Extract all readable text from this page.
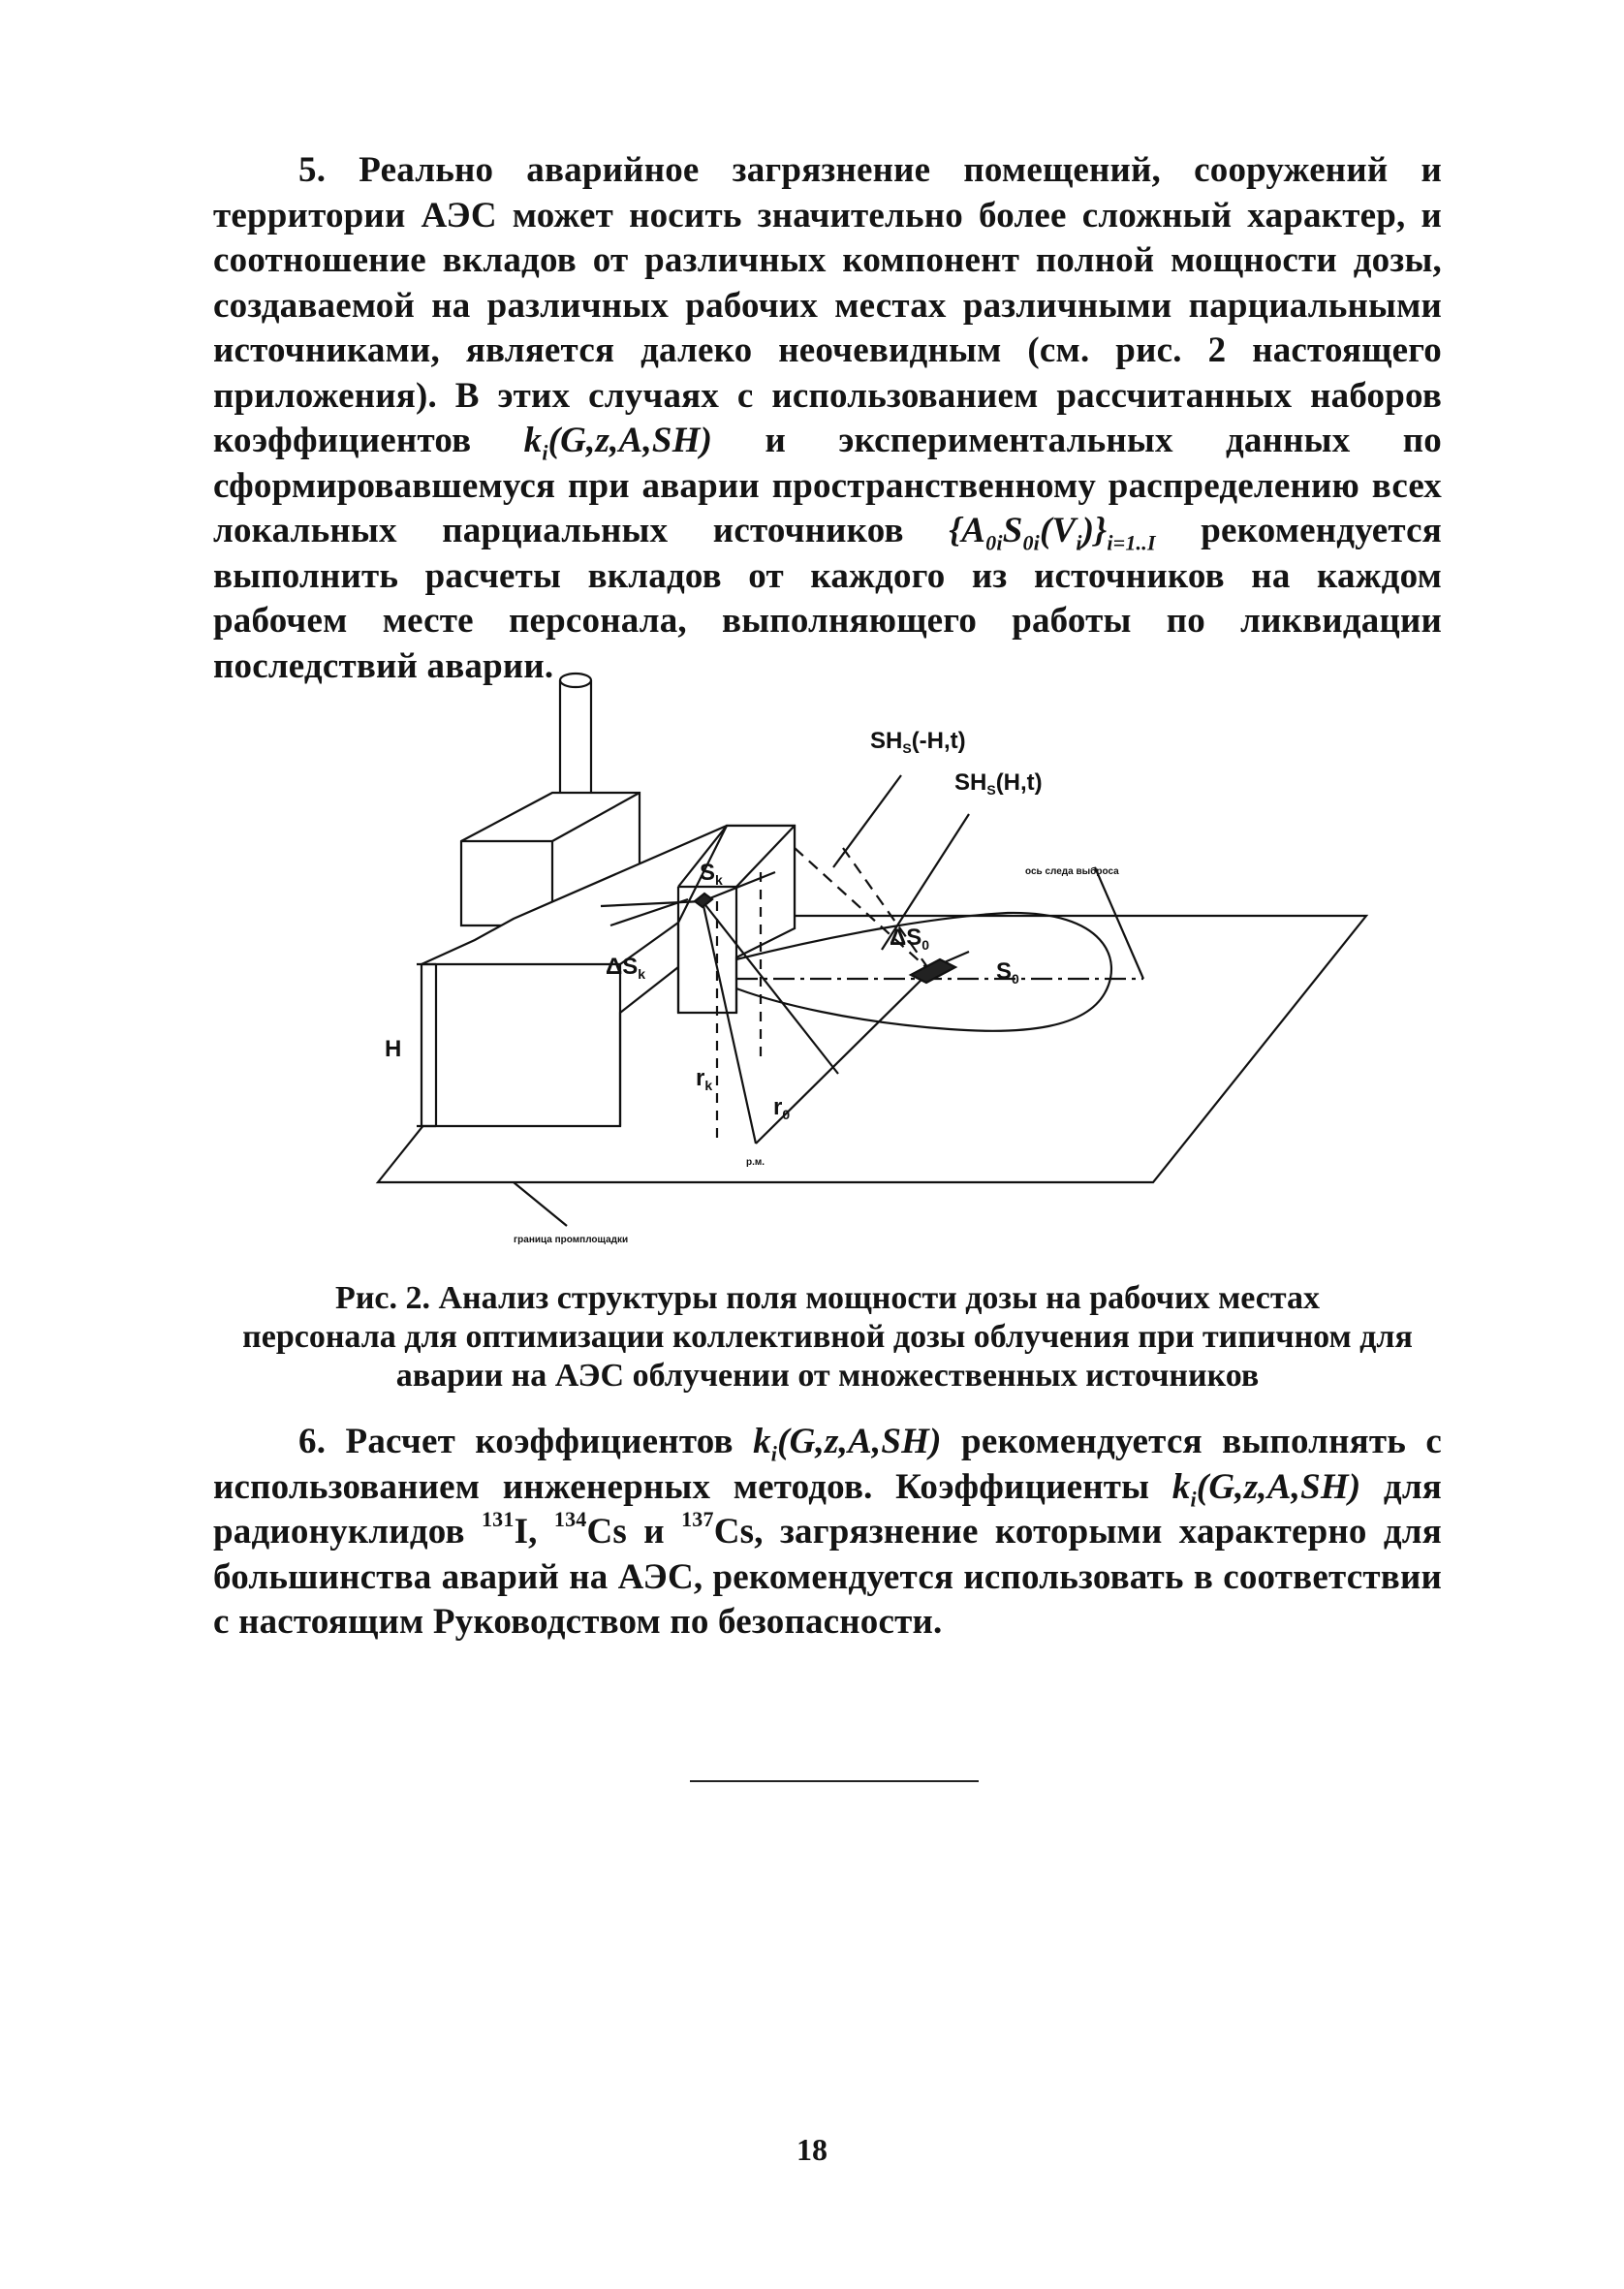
5. Реально аварийное загрязнение помещений, сооружений и территории АЭС может носить значительно более сложный характер, и соотношение вкладов от различных компонент полной мощности дозы, создаваемой на различных рабочих местах различными парциальными источниками, является далеко неочевидным (см. рис. 2 настоящего приложения). В этих случаях с использованием рассчитанных наборов коэффициентов $k_i(G,z,A,SH)$ и экспериментальных данных по сформировавшемуся при аварии пространственному распределению всех локальных парциальных источников $\{A_{0i}S_{0i}(V_i)\}_{i=1..I}$ рекомендуется выполнить расчеты вкладов от каждого из источников на каждом рабочем месте персонала, выполняющего работы по ликвидации последствий аварии.
$SH_S(-H,t)$
$SH_S(H,t)$
ось следа выброса
$S_k$
$\Delta S_k$
$\Delta S_0$
$S_0$
H
$r_k$
$r_0$
р.м.
граница промплощадки
Рис. 2. Анализ структуры поля мощности дозы на рабочих местах
персонала для оптимизации коллективной дозы облучения при типичном для
аварии на АЭС облучении от множественных источников
6. Расчет коэффициентов $k_i(G,z,A,SH)$ рекомендуется выполнять с использованием инженерных методов. Коэффициенты $k_i(G,z,A,SH)$ для радионуклидов $^{131}$I, $^{134}$Cs и $^{137}$Cs, загрязнение которыми характерно для большинства аварий на АЭС, рекомендуется использовать в соответствии с настоящим Руководством по безопасности.
18
